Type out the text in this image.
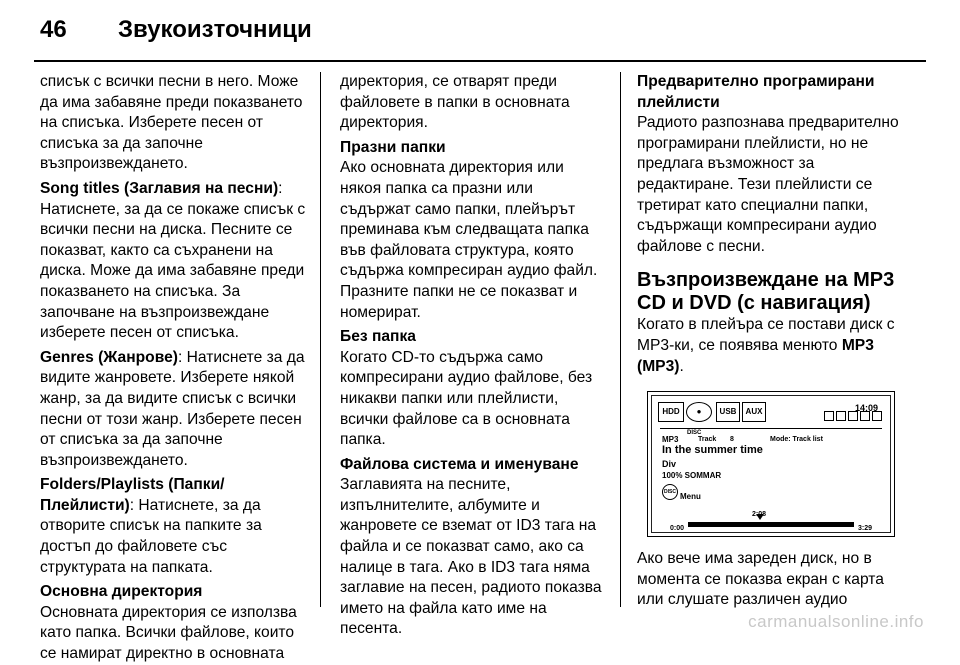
46 Звукоизточници

списък с всички песни в него. Може да има забавяне преди показването на списъка. Изберете песен от списъка за да започне възпроизвеждането.

Song titles (Заглавия на песни): Натиснете, за да се покаже списък с всички песни на диска. Песните се показват, както са съхранени на диска. Може да има забавяне преди показването на списъка. За започване на възпроизвеждане изберете песен от списъка.

Genres (Жанрове): Натиснете за да видите жанровете. Изберете някой жанр, за да видите списък с всички песни от този жанр. Изберете песен от списъка за да започне възпроизвеждането.

Folders/Playlists (Папки/ Плейлисти): Натиснете, за да отворите списък на папките за достъп до файловете със структурата на папката.

Основна директория

Основната директория се използва като папка. Всички файлове, които се намират директно в основната

директория, се отварят преди файловете в папки в основната директория.

Празни папки

Ако основната директория или някоя папка са празни или съдържат само папки, плейърът преминава към следващата папка във файловата структура, която съдържа компресиран аудио файл. Празните папки не се показват и номерират.

Без папка

Когато CD-то съдържа само компресирани аудио файлове, без никакви папки или плейлисти, всички файлове са в основната папка.

Файлова система и именуване

Заглавията на песните, изпълнителите, албумите и жанровете се вземат от ID3 тага на файла и се показват само, ако са налице в тага. Ако в ID3 тага няма заглавие на песен, радиото показва името на файла като име на песента.

Предварително програмирани плейлисти

Радиото разпознава предварително програмирани плейлисти, но не предлага възможност за редактиране. Тези плейлисти се третират като специални папки, съдържащи компресирани аудио файлове с песни.

Възпроизвеждане на MP3 CD и DVD (с навигация)

Когато в плейъра се постави диск с MP3-ки, се появява менюто MP3 (MP3).

HDD	●
DISC
USB	AUX	14:09
MP3	Track 8	Mode: Track list
In the summer time
Div
100% SOMMAR
DISC
Menu
2:08
0:00	3:29

Ако вече има зареден диск, но в момента се показва екран с карта или слушате различен аудио

carmanualsonline.info
